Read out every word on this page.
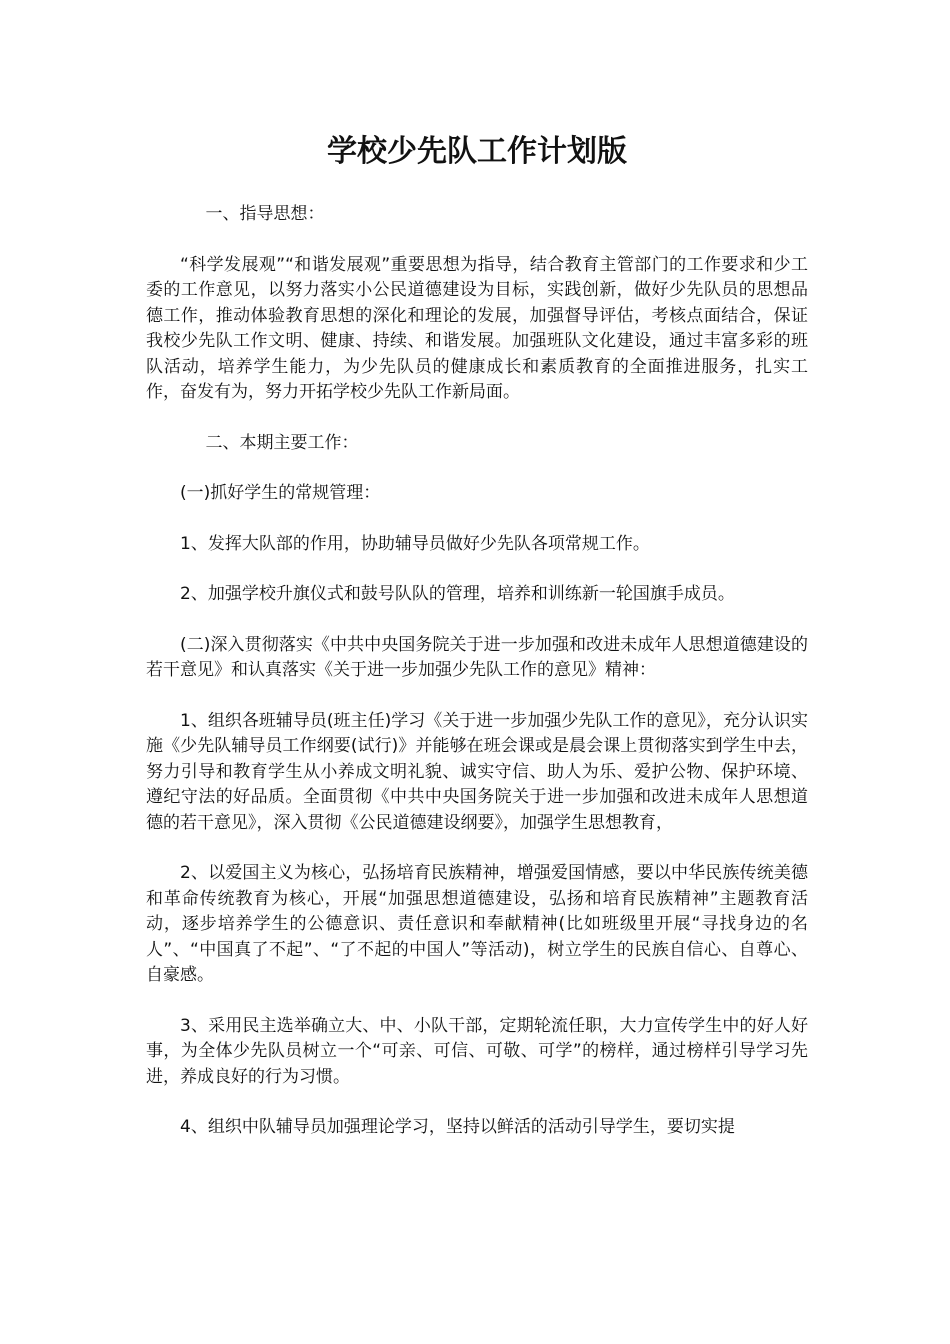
学校少先队工作计划版

一、指导思想：

“科学发展观”“和谐发展观”重要思想为指导，结合教育主管部门的工作要求和少工委的工作意见，以努力落实小公民道德建设为目标，实践创新，做好少先队员的思想品德工作，推动体验教育思想的深化和理论的发展，加强督导评估，考核点面结合，保证我校少先队工作文明、健康、持续、和谐发展。加强班队文化建设，通过丰富多彩的班队活动，培养学生能力，为少先队员的健康成长和素质教育的全面推进服务，扎实工作，奋发有为，努力开拓学校少先队工作新局面。

二、本期主要工作：

(一)抓好学生的常规管理：

1、发挥大队部的作用，协助辅导员做好少先队各项常规工作。

2、加强学校升旗仪式和鼓号队队的管理，培养和训练新一轮国旗手成员。

(二)深入贯彻落实《中共中央国务院关于进一步加强和改进未成年人思想道德建设的若干意见》和认真落实《关于进一步加强少先队工作的意见》精神：

1、组织各班辅导员(班主任)学习《关于进一步加强少先队工作的意见》，充分认识实施《少先队辅导员工作纲要(试行)》并能够在班会课或是晨会课上贯彻落实到学生中去，努力引导和教育学生从小养成文明礼貌、诚实守信、助人为乐、爱护公物、保护环境、遵纪守法的好品质。全面贯彻《中共中央国务院关于进一步加强和改进未成年人思想道德的若干意见》，深入贯彻《公民道德建设纲要》，加强学生思想教育，

2、以爱国主义为核心，弘扬培育民族精神，增强爱国情感，要以中华民族传统美德和革命传统教育为核心，开展“加强思想道德建设，弘扬和培育民族精神”主题教育活动，逐步培养学生的公德意识、责任意识和奉献精神(比如班级里开展“寻找身边的名人”、“中国真了不起”、“了不起的中国人”等活动)，树立学生的民族自信心、自尊心、自豪感。

3、采用民主选举确立大、中、小队干部，定期轮流任职，大力宣传学生中的好人好事，为全体少先队员树立一个“可亲、可信、可敬、可学”的榜样，通过榜样引导学习先进，养成良好的行为习惯。

4、组织中队辅导员加强理论学习，坚持以鲜活的活动引导学生，要切实提
